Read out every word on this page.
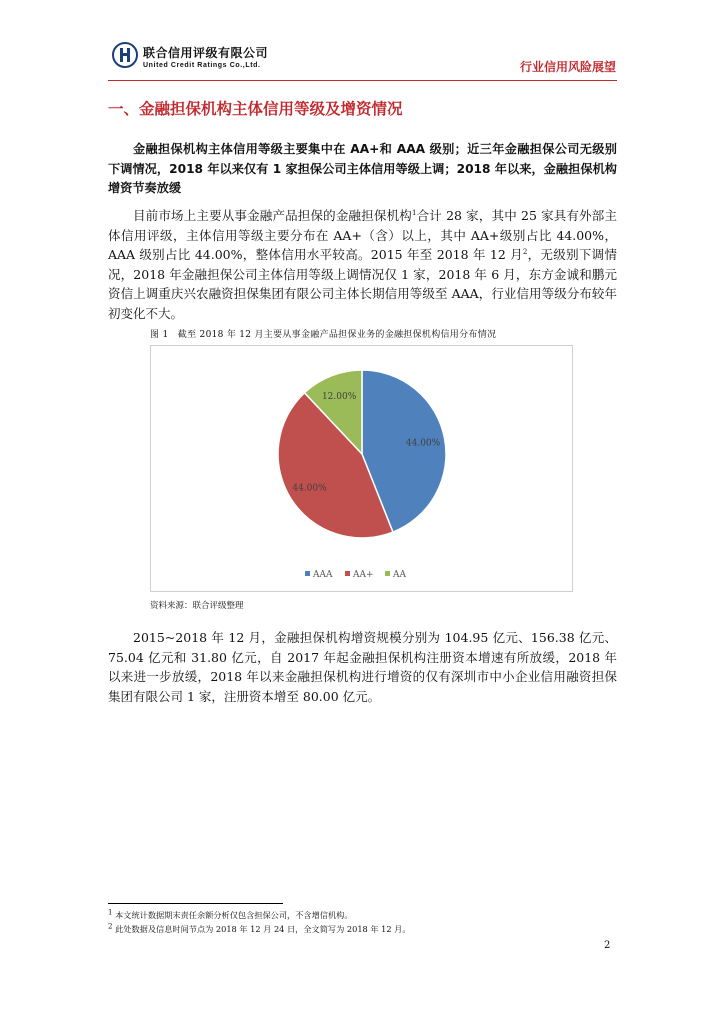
联合信用评级有限公司
United Credit Ratings Co.,Ltd.	行业信用风险展望
一、金融担保机构主体信用等级及增资情况

金融担保机构主体信用等级主要集中在 AA+和 AAA 级别；近三年金融担保公司无级别下调情况，2018 年以来仅有 1 家担保公司主体信用等级上调；2018 年以来，金融担保机构增资节奏放缓

目前市场上主要从事金融产品担保的金融担保机构$^1$合计 28 家，其中 25 家具有外部主体信用评级，主体信用等级主要分布在 AA+（含）以上，其中 AA+级别占比 44.00%，AAA 级别占比 44.00%，整体信用水平较高。2015 年至 2018 年 12 月$^2$，无级别下调情况，2018 年金融担保公司主体信用等级上调情况仅 1 家，2018 年 6 月，东方金诚和鹏元资信上调重庆兴农融资担保集团有限公司主体长期信用等级至 AAA，行业信用等级分布较年初变化不大。

图 1　截至 2018 年 12 月主要从事金融产品担保业务的金融担保机构信用分布情况
44.00%
44.00%
12.00%
AAA AA+ AA
资料来源：联合评级整理

2015~2018 年 12 月，金融担保机构增资规模分别为 104.95 亿元、156.38 亿元、75.04 亿元和 31.80 亿元，自 2017 年起金融担保机构注册资本增速有所放缓，2018 年以来进一步放缓，2018 年以来金融担保机构进行增资的仅有深圳市中小企业信用融资担保集团有限公司 1 家，注册资本增至 80.00 亿元。

$^1$ 本文统计数据期末责任余额分析仅包含担保公司，不含增信机构。
$^2$ 此处数据及信息时间节点为 2018 年 12 月 24 日，全文简写为 2018 年 12 月。
2
